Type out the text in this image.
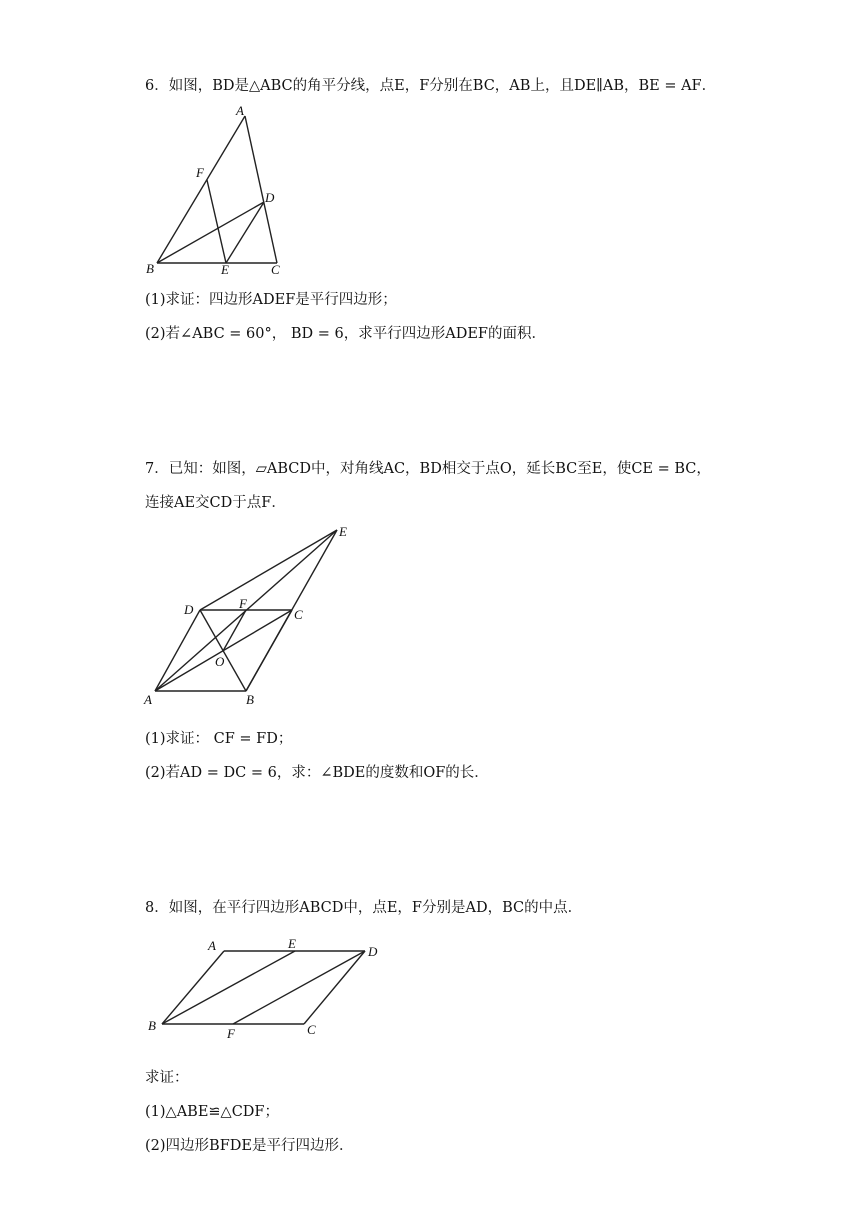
6．如图，BD是△ABC的角平分线，点E，F分别在BC，AB上，且DE∥AB，BE = AF．
A
F
D
B	E	C
(1)求证：四边形ADEF是平行四边形；
(2)若∠ABC = 60°， BD = 6，求平行四边形ADEF的面积．
7．已知：如图，▱ABCD中，对角线AC，BD相交于点O，延长BC至E，使CE = BC，
连接AE交CD于点F．
E
D	F
C
O
A	B
(1)求证： CF = FD；
(2)若AD = DC = 6，求：∠BDE的度数和OF的长．
8．如图，在平行四边形ABCD中，点E，F分别是AD，BC的中点．
A	E
D
B
F	C
求证：
(1)△ABE≌△CDF；
(2)四边形BFDE是平行四边形．
